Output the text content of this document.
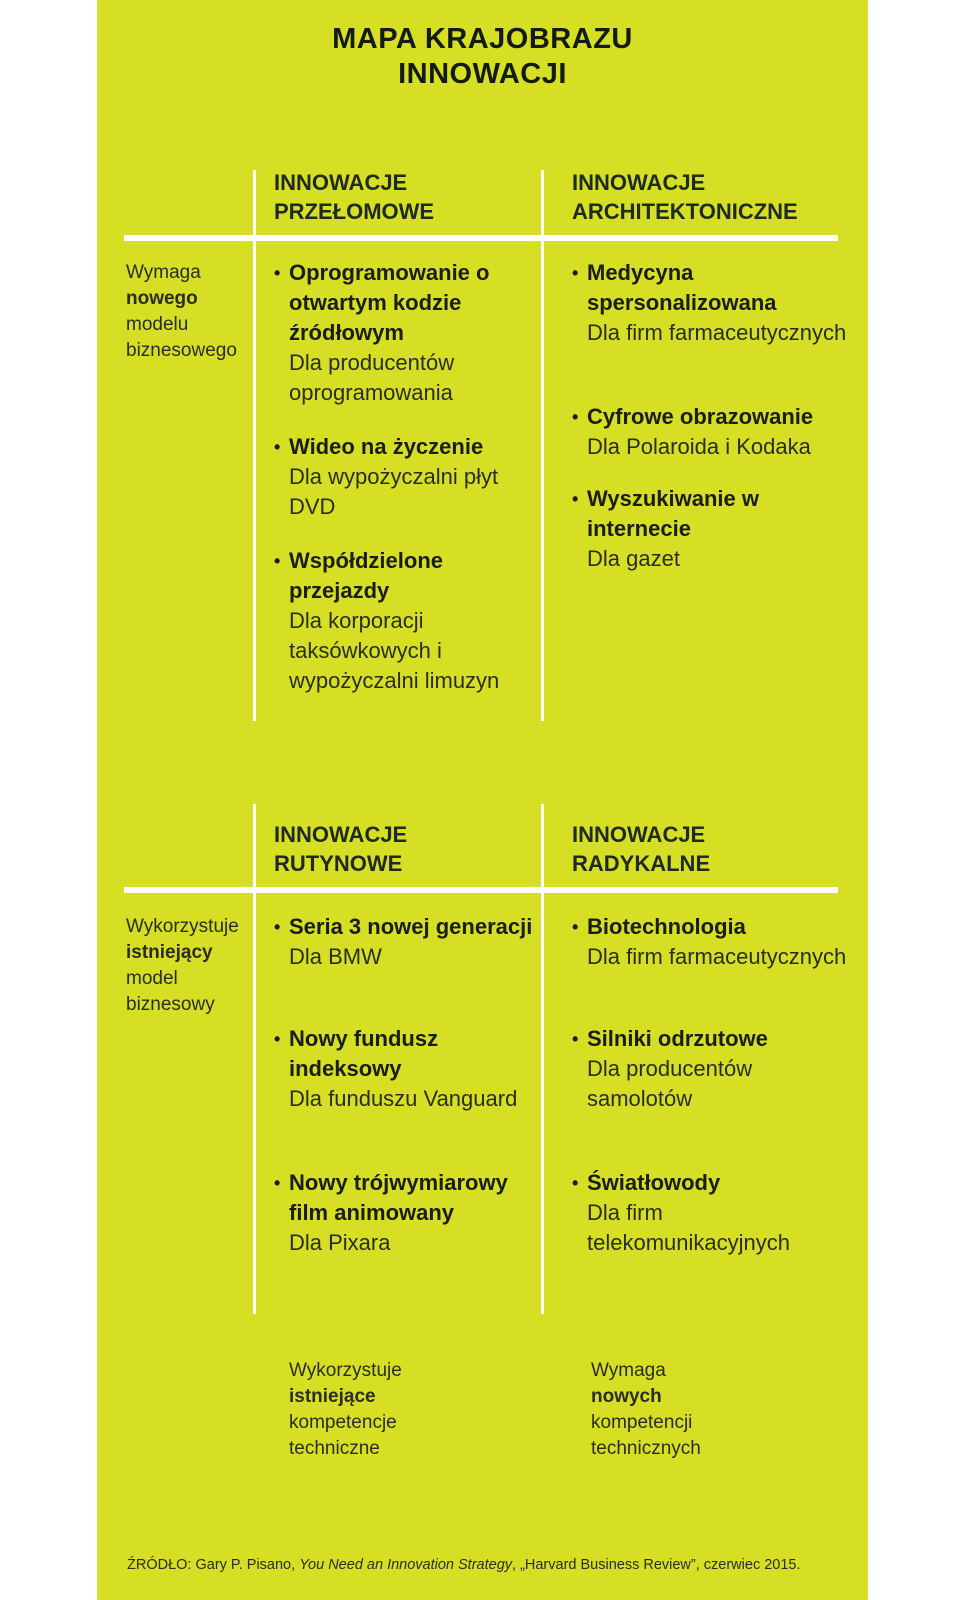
MAPA KRAJOBRAZU
INNOWACJI
INNOWACJE
PRZEŁOMOWE
INNOWACJE
ARCHITEKTONICZNE
Wymaga
nowego
modelu
biznesowego
• Oprogramowanie o otwartym kodzie źródłowym
Dla producentów oprogramowania
• Wideo na życzenie
Dla wypożyczalni płyt DVD
• Współdzielone przejazdy
Dla korporacji taksówkowych i wypożyczalni limuzyn
• Medycyna spersonalizowana
Dla firm farmaceutycznych
• Cyfrowe obrazowanie
Dla Polaroida i Kodaka
• Wyszukiwanie w internecie
Dla gazet
INNOWACJE
RUTYNOWE
INNOWACJE
RADYKALNE
Wykorzystuje
istniejący
model
biznesowy
• Seria 3 nowej generacji
Dla BMW
• Nowy fundusz indeksowy
Dla funduszu Vanguard
• Nowy trójwymiarowy film animowany
Dla Pixara
• Biotechnologia
Dla firm farmaceutycznych
• Silniki odrzutowe
Dla producentów samolotów
• Światłowody
Dla firm telekomunikacyjnych
Wykorzystuje
istniejące
kompetencje
techniczne
Wymaga
nowych
kompetencji
technicznych
ŹRÓDŁO: Gary P. Pisano, You Need an Innovation Strategy, „Harvard Business Review”, czerwiec 2015.
